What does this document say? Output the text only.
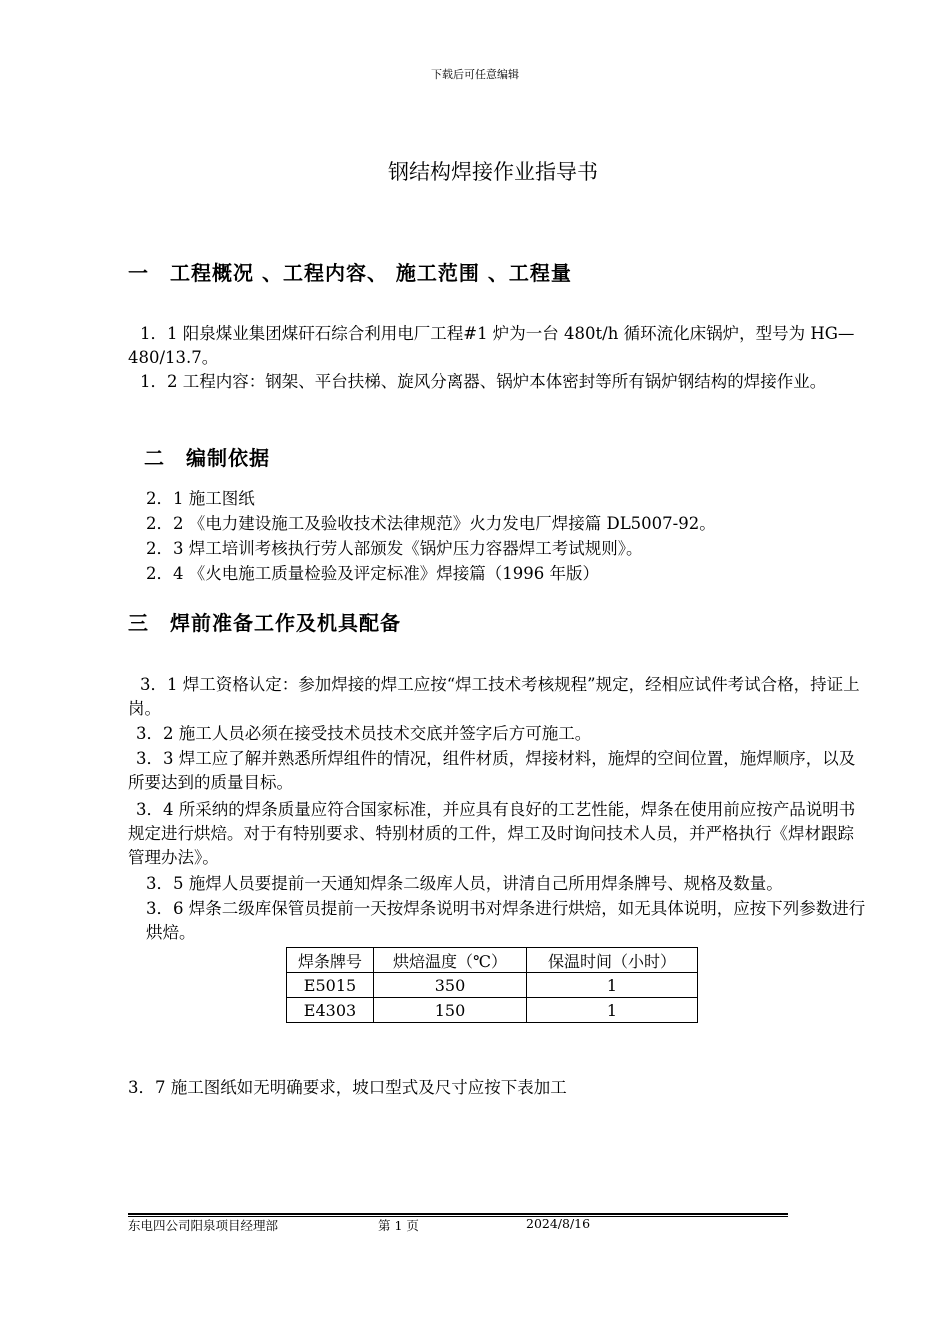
下载后可任意编辑
钢结构焊接作业指导书
一　工程概况 、工程内容、 施工范围 、工程量
1．1 阳泉煤业集团煤矸石综合利用电厂工程#1 炉为一台 480t/h 循环流化床锅炉，型号为 HG—480/13.7。
1．2 工程内容：钢架、平台扶梯、旋风分离器、锅炉本体密封等所有锅炉钢结构的焊接作业。
二　编制依据
2．1 施工图纸
2．2 《电力建设施工及验收技术法律规范》火力发电厂焊接篇 DL5007-92。
2．3 焊工培训考核执行劳人部颁发《锅炉压力容器焊工考试规则》。
2．4 《火电施工质量检验及评定标准》焊接篇（1996 年版）
三　焊前准备工作及机具配备
3．1 焊工资格认定：参加焊接的焊工应按“焊工技术考核规程”规定，经相应试件考试合格，持证上岗。
3．2 施工人员必须在接受技术员技术交底并签字后方可施工。
3．3 焊工应了解并熟悉所焊组件的情况，组件材质，焊接材料，施焊的空间位置，施焊顺序，以及所要达到的质量目标。
3．4 所采纳的焊条质量应符合国家标准，并应具有良好的工艺性能，焊条在使用前应按产品说明书规定进行烘焙。对于有特别要求、特别材质的工件，焊工及时询问技术人员，并严格执行《焊材跟踪管理办法》。
3．5 施焊人员要提前一天通知焊条二级库人员，讲清自己所用焊条牌号、规格及数量。
3．6 焊条二级库保管员提前一天按焊条说明书对焊条进行烘焙，如无具体说明，应按下列参数进行烘焙。
焊条牌号	烘焙温度（℃）	保温时间（小时）
E5015	350	1
E4303	150	1
3．7 施工图纸如无明确要求，坡口型式及尺寸应按下表加工
东电四公司阳泉项目经理部	第 1 页	2024/8/16
